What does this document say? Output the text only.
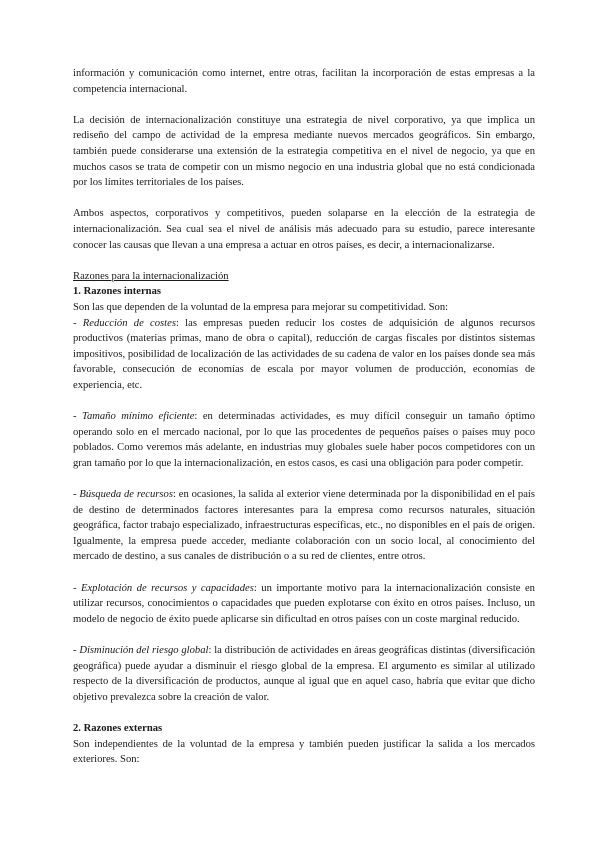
información y comunicación como internet, entre otras, facilitan la incorporación de estas empresas a la competencia internacional.

La decisión de internacionalización constituye una estrategia de nivel corporativo, ya que implica un rediseño del campo de actividad de la empresa mediante nuevos mercados geográficos. Sin embargo, también puede considerarse una extensión de la estrategia competitiva en el nivel de negocio, ya que en muchos casos se trata de competir con un mismo negocio en una industria global que no está condicionada por los límites territoriales de los países.

Ambos aspectos, corporativos y competitivos, pueden solaparse en la elección de la estrategia de internacionalización. Sea cual sea el nivel de análisis más adecuado para su estudio, parece interesante conocer las causas que llevan a una empresa a actuar en otros países, es decir, a internacionalizarse.

Razones para la internacionalización

1. Razones internas

Son las que dependen de la voluntad de la empresa para mejorar su competitividad. Son:

- Reducción de costes: las empresas pueden reducir los costes de adquisición de algunos recursos productivos (materias primas, mano de obra o capital), reducción de cargas fiscales por distintos sistemas impositivos, posibilidad de localización de las actividades de su cadena de valor en los países donde sea más favorable, consecución de economías de escala por mayor volumen de producción, economías de experiencia, etc.

- Tamaño mínimo eficiente: en determinadas actividades, es muy difícil conseguir un tamaño óptimo operando solo en el mercado nacional, por lo que las procedentes de pequeños países o países muy poco poblados. Como veremos más adelante, en industrias muy globales suele haber pocos competidores con un gran tamaño por lo que la internacionalización, en estos casos, es casi una obligación para poder competir.

- Búsqueda de recursos: en ocasiones, la salida al exterior viene determinada por la disponibilidad en el país de destino de determinados factores interesantes para la empresa como recursos naturales, situación geográfica, factor trabajo especializado, infraestructuras específicas, etc., no disponibles en el país de origen. Igualmente, la empresa puede acceder, mediante colaboración con un socio local, al conocimiento del mercado de destino, a sus canales de distribución o a su red de clientes, entre otros.

- Explotación de recursos y capacidades: un importante motivo para la internacionalización consiste en utilizar recursos, conocimientos o capacidades que pueden explotarse con éxito en otros países. Incluso, un modelo de negocio de éxito puede aplicarse sin dificultad en otros países con un coste marginal reducido.

- Disminución del riesgo global: la distribución de actividades en áreas geográficas distintas (diversificación geográfica) puede ayudar a disminuir el riesgo global de la empresa. El argumento es similar al utilizado respecto de la diversificación de productos, aunque al igual que en aquel caso, habría que evitar que dicho objetivo prevalezca sobre la creación de valor.

2. Razones externas

Son independientes de la voluntad de la empresa y también pueden justificar la salida a los mercados exteriores. Son:
